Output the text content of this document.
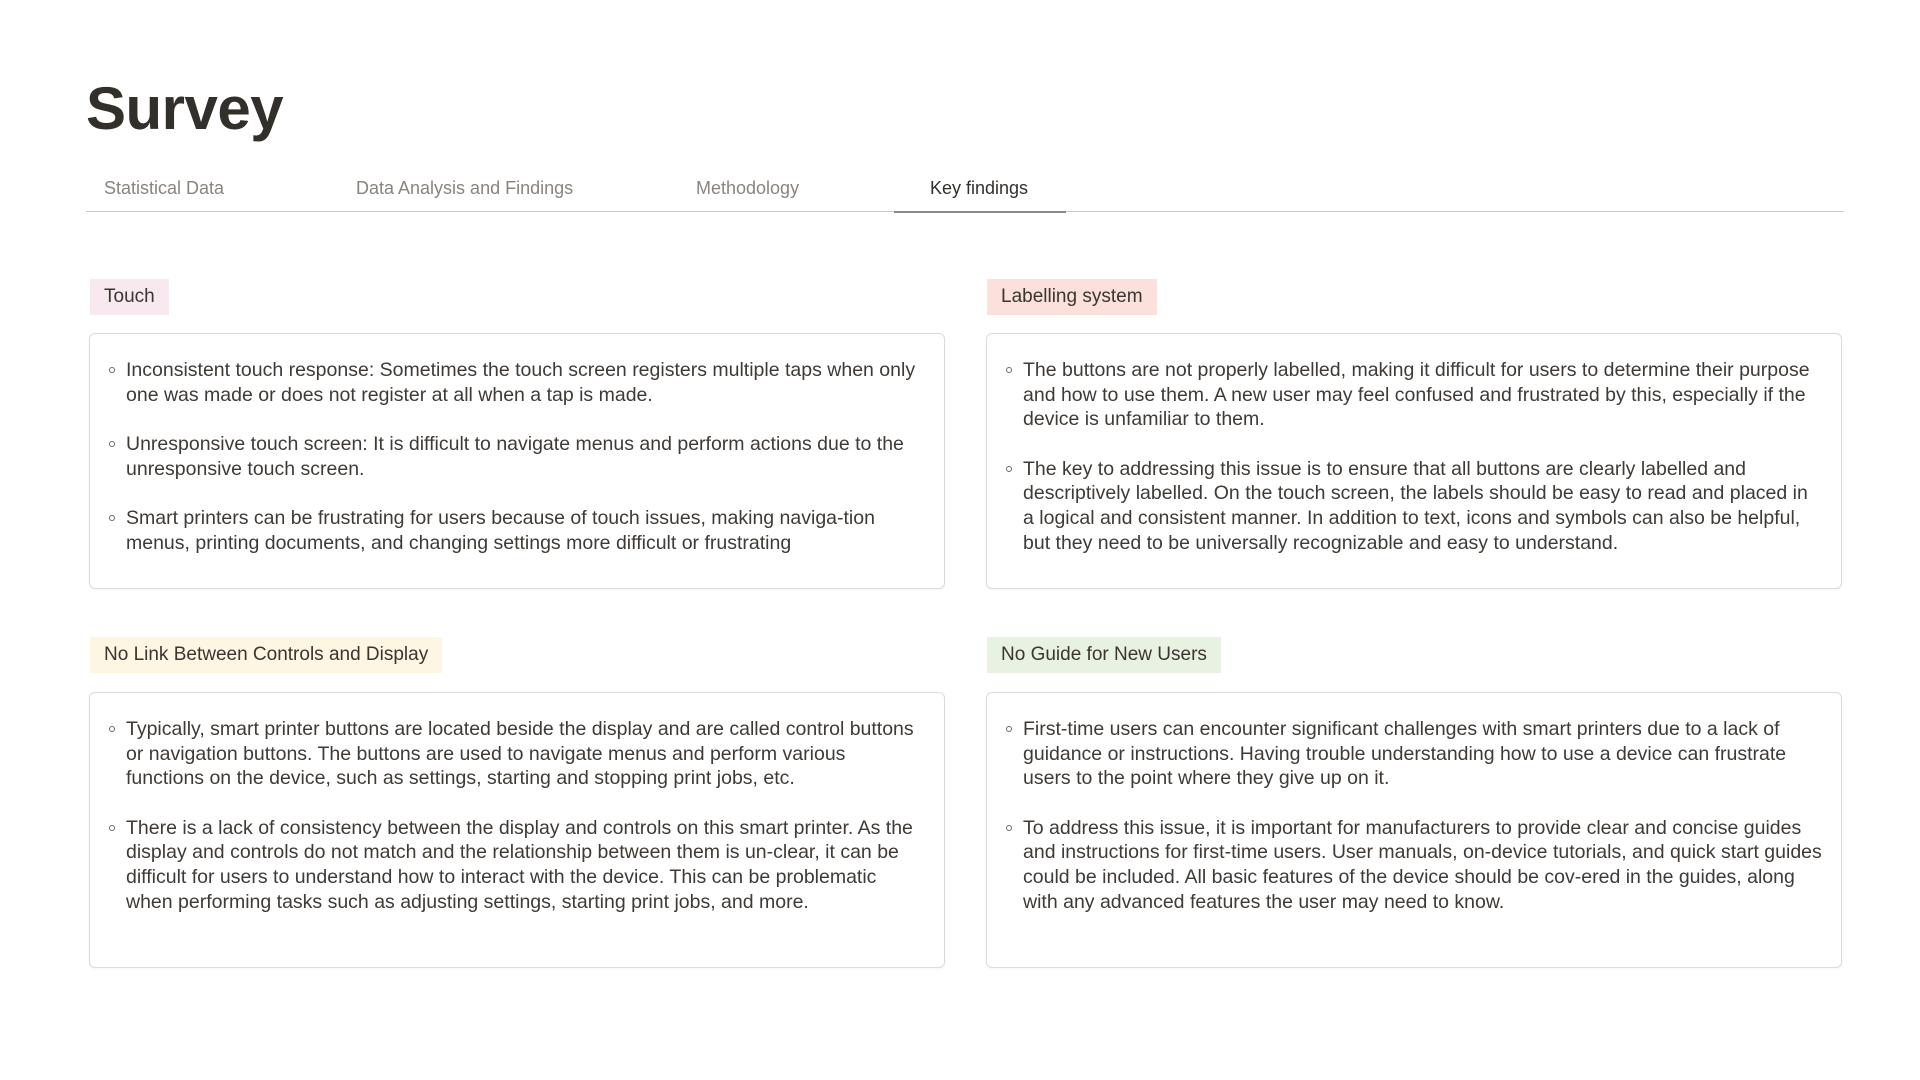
Survey
Statistical Data	Data Analysis and Findings	Methodology	Key findings
Touch
Inconsistent touch response: Sometimes the touch screen registers multiple taps when only one was made or does not register at all when a tap is made.
Unresponsive touch screen: It is difficult to navigate menus and perform actions due to the unresponsive touch screen.
Smart printers can be frustrating for users because of touch issues, making naviga-tion menus, printing documents, and changing settings more difficult or frustrating
Labelling system
The buttons are not properly labelled, making it difficult for users to determine their purpose and how to use them. A new user may feel confused and frustrated by this, especially if the device is unfamiliar to them.
The key to addressing this issue is to ensure that all buttons are clearly labelled and descriptively labelled. On the touch screen, the labels should be easy to read and placed in a logical and consistent manner. In addition to text, icons and symbols can also be helpful, but they need to be universally recognizable and easy to understand.
No Link Between Controls and Display
Typically, smart printer buttons are located beside the display and are called control buttons or navigation buttons. The buttons are used to navigate menus and perform various functions on the device, such as settings, starting and stopping print jobs, etc.
There is a lack of consistency between the display and controls on this smart printer. As the display and controls do not match and the relationship between them is un-clear, it can be difficult for users to understand how to interact with the device. This can be problematic when performing tasks such as adjusting settings, starting print jobs, and more.
No Guide for New Users
First-time users can encounter significant challenges with smart printers due to a lack of guidance or instructions. Having trouble understanding how to use a device can frustrate users to the point where they give up on it.
To address this issue, it is important for manufacturers to provide clear and concise guides and instructions for first-time users. User manuals, on-device tutorials, and quick start guides could be included. All basic features of the device should be cov-ered in the guides, along with any advanced features the user may need to know.
